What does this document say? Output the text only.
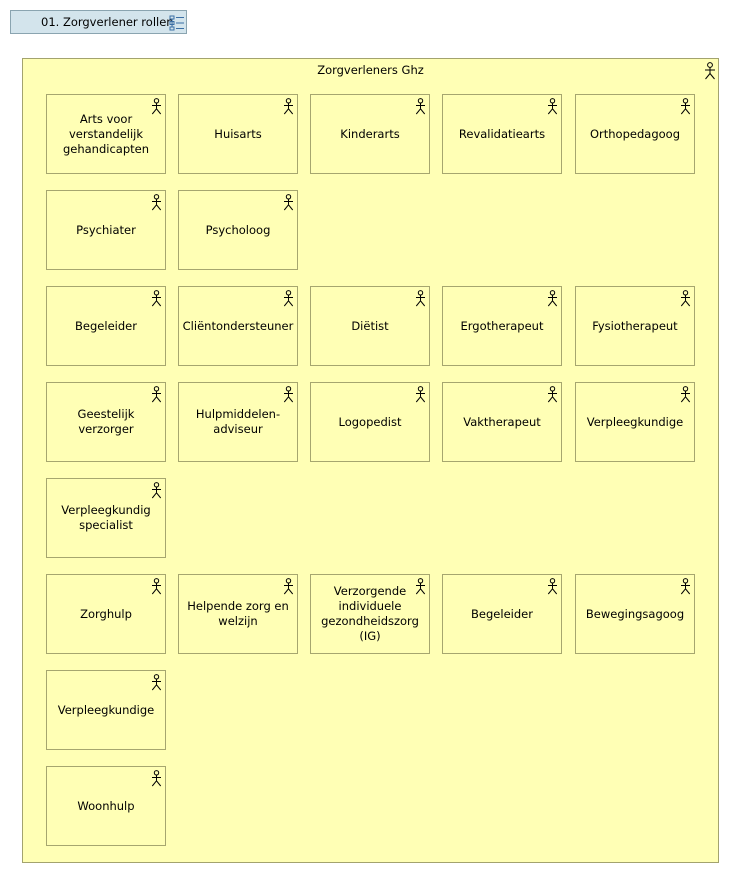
01. Zorgverlener rollen
Zorgverleners Ghz
Arts voor verstandelijk gehandicapten
Huisarts	Kinderarts	Revalidatiearts	Orthopedagoog
Psychiater	Psycholoog
Begeleider	Cliëntondersteuner	Diëtist	Ergotherapeut	Fysiotherapeut
Geestelijk verzorger
Hulpmiddelen-adviseur
Logopedist	Vaktherapeut	Verpleegkundige
Verpleegkundig specialist
Zorghulp
Helpende zorg en welzijn
Verzorgende individuele gezondheidszorg (IG)
Begeleider	Bewegingsagoog
Verpleegkundige
Woonhulp
